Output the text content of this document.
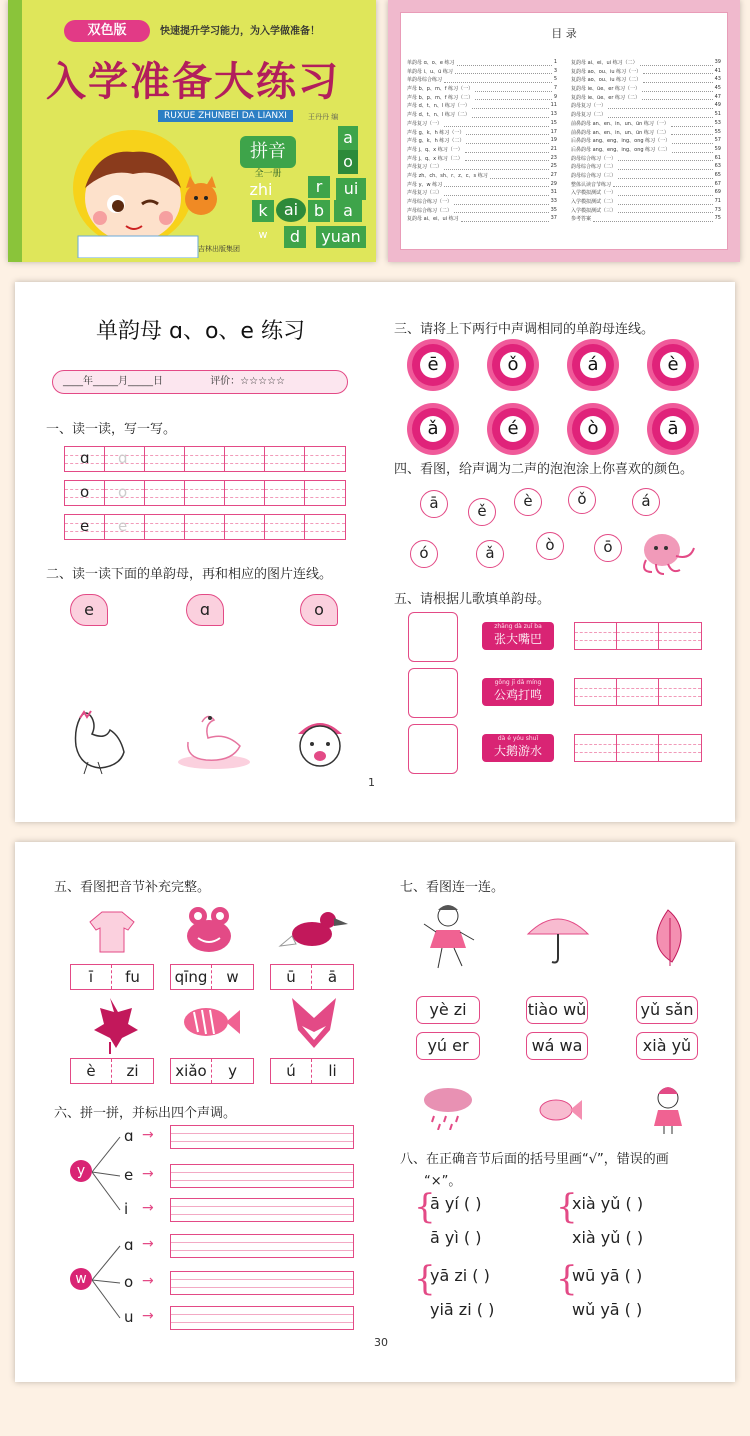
双色版	快速提升学习能力，为入学做准备！
入学准备大练习
RUXUE ZHUNBEI DA LIANXI	王丹丹 编
拼音
全一册
a
o
zhi	r	ui
k	ai b	a
w	d	yuan
吉林出版集团
目 录
单韵母 ɑ、o、e 练习	1
单韵母 i、u、ü 练习	3
单韵母综合练习	5
声母 b、p、m、f 练习（一）	7
声母 b、p、m、f 练习（二）	9
声母 d、t、n、l 练习（一）	11
声母 d、t、n、l 练习（二）	13
声母复习（一）	15
声母 g、k、h 练习（一）	17
声母 g、k、h 练习（二）	19
声母 j、q、x 练习（一）	21
声母 j、q、x 练习（二）	23
声母复习（二）	25
声母 zh、ch、sh、r、z、c、s 练习	27
声母 y、w 练习	29
声母复习（三）	31
声母综合练习（一）	33
声母综合练习（二）	35
复韵母 ai、ei、ui 练习	37
复韵母 ai、ei、ui 练习（二）	39
复韵母 ao、ou、iu 练习（一）	41
复韵母 ao、ou、iu 练习（二）	43
复韵母 ie、üe、er 练习（一）	45
复韵母 ie、üe、er 练习（二）	47
韵母复习（一）	49
韵母复习（二）	51
前鼻韵母 an、en、in、un、ün 练习（一）	53
前鼻韵母 an、en、in、un、ün 练习（二）	55
后鼻韵母 ang、eng、ing、ong 练习（一）	57
后鼻韵母 ang、eng、ing、ong 练习（二）	59
韵母综合练习（一）	61
韵母综合练习（二）	63
韵母综合练习（三）	65
整体认读音节练习	67
入学模拟测试（一）	69
入学模拟测试（二）	71
入学模拟测试（三）	73
参考答案	75
单韵母 ɑ、o、e 练习
____年_____月_____日	评价：☆☆☆☆☆
一、读一读，写一写。
ɑ ɑ
o o
e e
二、读一读下面的单韵母，再和相应的图片连线。
e	ɑ	o
1
三、请将上下两行中声调相同的单韵母连线。
ē	ǒ	á	è
ǎ	é	ò	ā
四、看图，给声调为二声的泡泡涂上你喜欢的颜色。
ā	ě
è	ǒ	á
ó	ǎ	ò	ō
五、请根据儿歌填单韵母。
zhāng dà zuǐ ba
张大嘴巴
gōng jī dǎ míng
公鸡打鸣
dà é yóu shuǐ
大鹅游水
五、看图把音节补充完整。
ī	fu	qīng	w	ū	ā
è	zi	xiǎo	y	ú	li
六、拼一拼，并标出四个声调。
y
ɑ →
e →
i →
w
ɑ →
o →
u →
七、看图连一连。
yè zi	tiào wǔ	yǔ sǎn
yú er	wá wa	xià yǔ
八、在正确音节后面的括号里画“√”，错误的画
“×”。
{
ā yí ( )
ā yì ( )
{
xià yǔ ( )
xià yǔ ( )
{
yā zi ( )
yiā zi ( )
{
wū yā ( )
wǔ yā ( )
30
